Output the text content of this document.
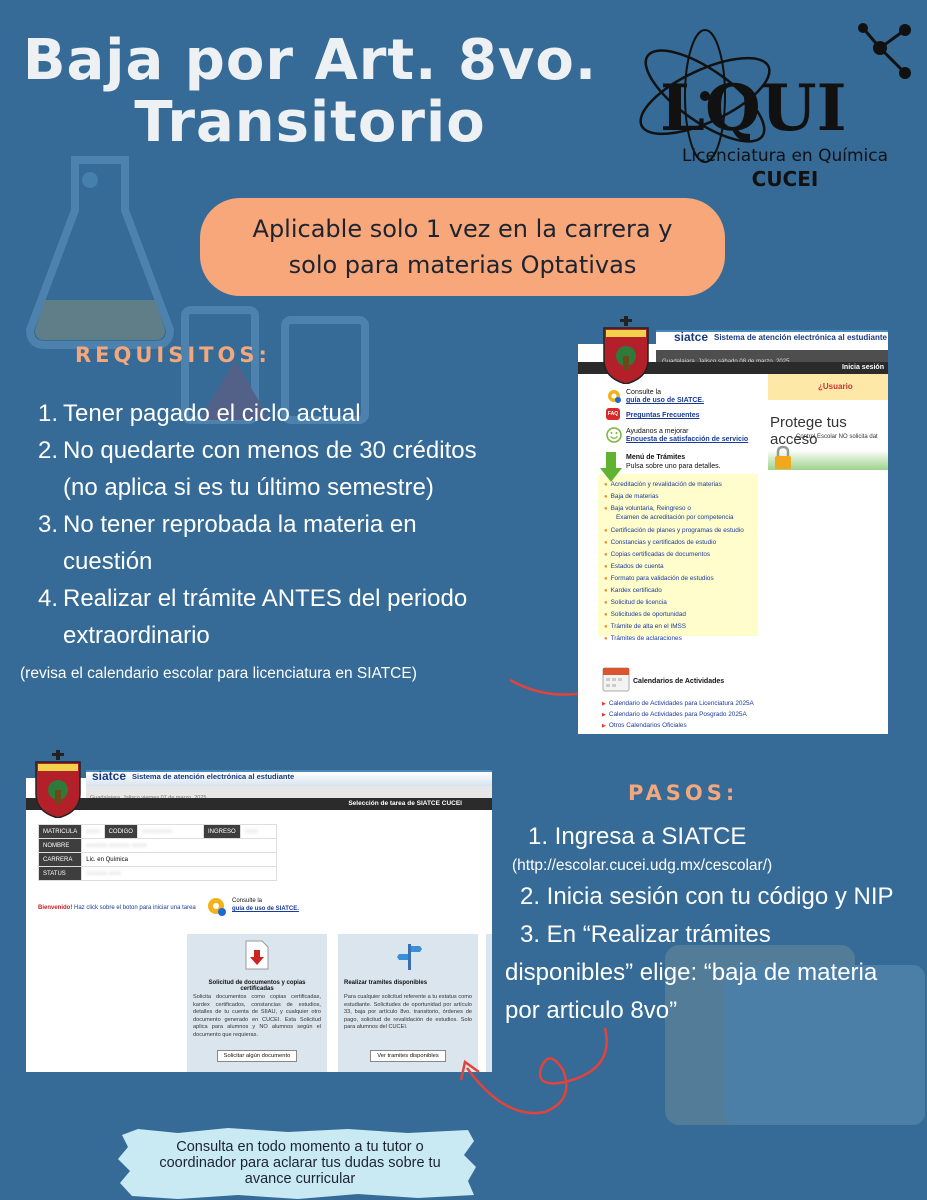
Baja por Art. 8vo.
Transitorio	LQUI
Licenciatura en Química
CUCEI
Aplicable solo 1 vez en la carrera y
solo para materias Optativas
REQUISITOS:
1. Tener pagado el ciclo actual
2. No quedarte con menos de 30 créditos
(no aplica si es tu último semestre)
3. No tener reprobada la materia en
cuestión
4. Realizar el trámite ANTES del periodo
extraordinario
(revisa el calendario escolar para licenciatura en SIATCE)
siatce Sistema de atención electrónica al estudiante
Inicia sesión
¿Usuario
Protege tus acceso
Control Escolar NO solicita dat
Consulte la
guía de uso de SIATCE.
FAQ Preguntas Frecuentes
Ayudanos a mejorar
Encuesta de satisfacción de servicio
Menú de Trámites
Pulsa sobre uno para detalles.
● Acreditación y revalidación de materias
● Baja de materias
● Baja voluntaria, Reingreso o
Examen de acreditación por competencia
● Certificación de planes y programas de estudio
● Constancias y certificados de estudio
● Copias certificadas de documentos
● Estados de cuenta
● Formato para validación de estudios
● Kardex certificado
● Solicitud de licencia
● Solicitudes de oportunidad
● Trámite de alta en el IMSS
● Trámites de aclaraciones
Calendarios de Actividades
▶ Calendario de Actividades para Licenciatura 2025A
▶ Calendario de Actividades para Posgrado 2025A
▶ Otros Calendarios Oficiales
siatce Sistema de atención electrónica al estudiante
Selección de tarea de SIATCE CUCEI
MATRICULA	0000	CODIGO	000000000	INGRESO	0000
NOMBRE	xxxxxxx xxxxxxx xxxxx				
CARRERA	Lic. en Química				
STATUS	xxxxxxx xxxx				
Bienvenido! Haz click sobre el boton para iniciar una tarea
Consulte la
guía de uso de SIATCE.
Solicitud de documentos y copias certificadas
Solicita documentos como copias certificadas, kardex certificados, constancias de estudios, detalles de tu cuenta de SIIAU, y cualquier otro documento generado en CUCEI. Esta Solicitud aplica para alumnos y NO alumnos según el documento que requieras.
Solicitar algún documento
Realizar tramites disponibles
Para cualquier solicitud referente a tu estatus como estudiante. Solicitudes de oportunidad por artículo 33, baja por artículo 8vo. transitorio, órdenes de pago, solicitud de revalidación de estudios. Solo para alumnos del CUCEI.
Ver tramites disponibles
PASOS:
1. Ingresa a SIATCE
(http://escolar.cucei.udg.mx/cescolar/)
2. Inicia sesión con tu código y NIP
3. En “Realizar trámites
disponibles” elige: “baja de materia
por articulo 8vo”
Consulta en todo momento a tu tutor o
coordinador para aclarar tus dudas sobre tu
avance curricular
